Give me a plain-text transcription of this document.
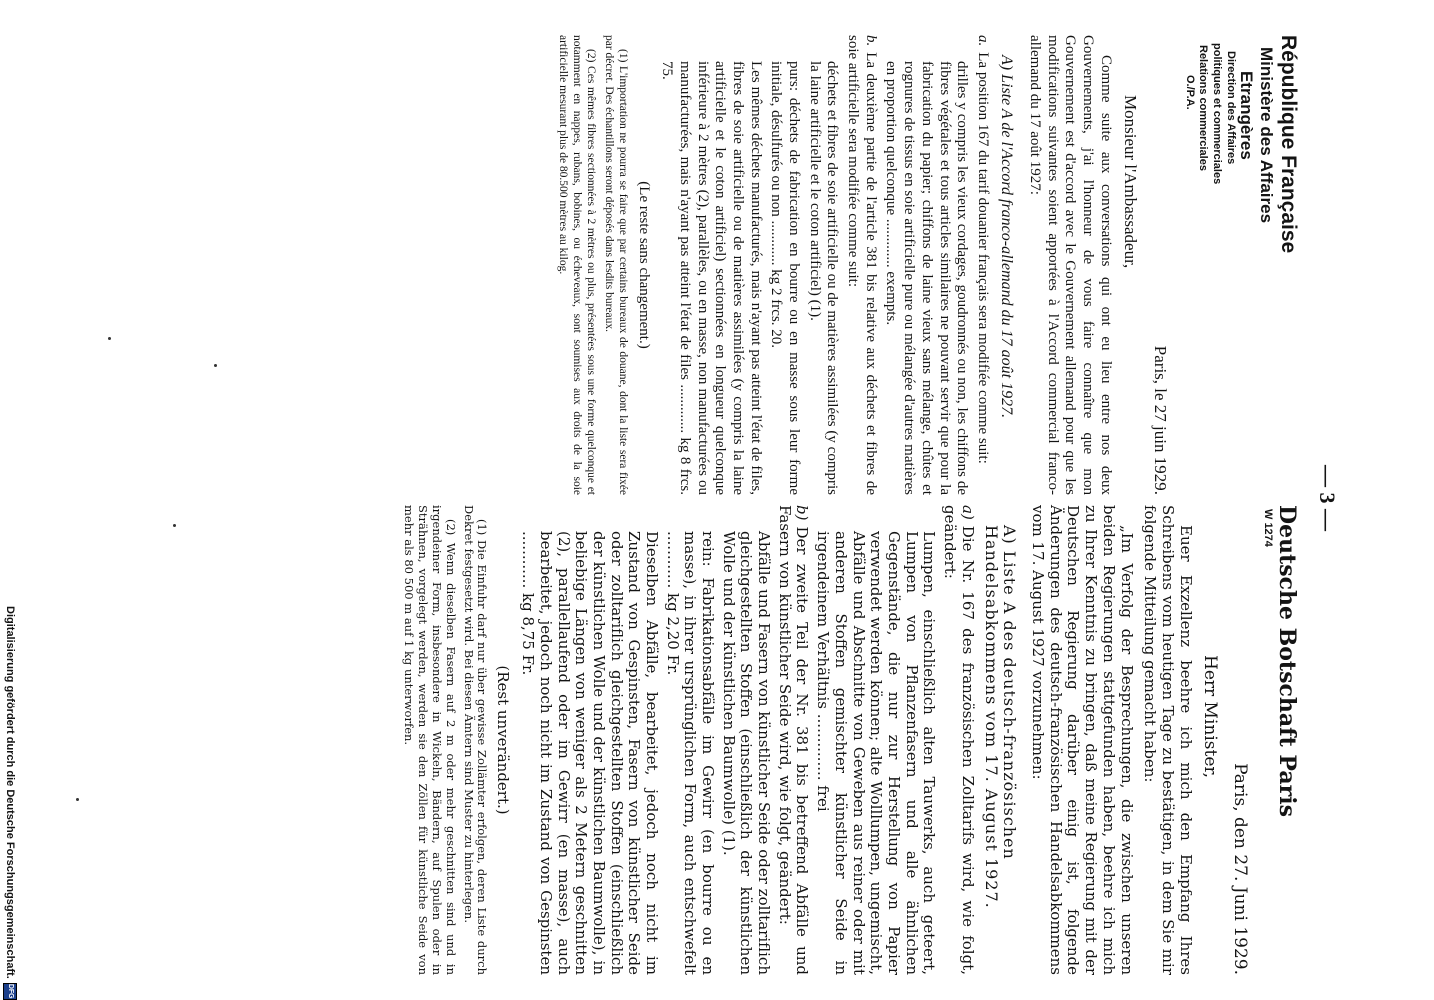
— 3 —
République Française
Ministère des Affaires
Etrangères
Direction des Affaires
politiques et commerciales
Relations commerciales
O./P.A.
Paris, le 27 juin 1929.
Monsieur l'Ambassadeur,

Comme suite aux conversations qui ont eu lieu entre nos deux Gouvernements, j'ai l'honneur de vous faire connaître que mon Gouvernement est d'accord avec le Gouvernement allemand pour que les modifications suivantes soient apportées à l'Accord commercial franco-allemand du 17 août 1927:

A) Liste A de l'Accord franco-allemand du 17 août 1927.
a.La position 167 du tarif douanier français sera modifiée comme suit:
drilles y compris les vieux cordages, goudronnés ou non, les chiffons de fibres végétales et tous articles similaires ne pouvant servir que pour la fabrication du papier; chiffons de laine vieux sans mélange, chûtes et rognures de tissus en soie artificielle pure ou mélangée d'autres matières en proportion quelconque ............. exempts.
b.La deuxième partie de l'article 381 bis relative aux déchets et fibres de soie artificielle sera modifiée comme suit:
déchets et fibres de soie artificielle ou de matières assimilées (y compris la laine artificielle et le coton artificiel) (1).
purs: déchets de fabrication en bourre ou en masse sous leur forme initiale, désulfurés ou non ............ kg 2 frcs. 20.
Les mêmes déchets manufacturés, mais n'ayant pas atteint l'état de files, fibres de soie artificielle ou de matières assimilées (y compris la laine artificielle et le coton artificiel) sectionnées en longueur quelconque inférieure à 2 mètres (2), parallèles, ou en masse, non manufacturées ou manufacturées, mais n'ayant pas atteint l'état de files ............. kg 8 frcs. 75.
(Le reste sans changement.)
(1) L'importation ne pourra se faire que par certains bureaux de douane, dont la liste sera fixée par décret. Des échantillons seront déposés dans lesdits bureaux.
(2) Ces mêmes fibres sectionnées à 2 mètres ou plus, présentées sous une forme quelconque et notamment en nappes, rubans, bobines, ou écheveaux, sont soumises aux droits de la soie artificielle mesurant plus de 80.500 mètres au kilog.
Deutsche Botschaft Paris
W 1274
Paris, den 27. Juni 1929.
Herr Minister,

Euer Exzellenz beehre ich mich den Empfang Ihres Schreibens vom heutigen Tage zu bestätigen, in dem Sie mir folgende Mitteilung gemacht haben:

„Im Verfolg der Besprechungen, die zwischen unseren beiden Regierungen stattgefunden haben, beehre ich mich zu Ihrer Kenntnis zu bringen, daß meine Regierung mit der Deutschen Regierung darüber einig ist, folgende Änderungen des deutsch-französischen Handelsabkommens vom 17. August 1927 vorzunehmen:

A) Liste A des deutsch-französischen Handelsabkommens vom 17. August 1927.
a)Die Nr. 167 des französischen Zolltarifs wird, wie folgt, geändert:
Lumpen, einschließlich alten Tauwerks, auch geteert, Lumpen von Pflanzenfasern und alle ähnlichen Gegenstände, die nur zur Herstellung von Papier verwendet werden können; alte Wolllumpen, ungemischt, Abfälle und Abschnitte von Geweben aus reiner oder mit anderen Stoffen gemischter künstlicher Seide in irgendeinem Verhältnis .............. frei
b)Der zweite Teil der Nr. 381 bis betreffend Abfälle und Fasern von künstlicher Seide wird, wie folgt, geändert:
Abfälle und Fasern von künstlicher Seide oder zolltariflich gleichgestellten Stoffen (einschließlich der künstlichen Wolle und der künstlichen Baumwolle) (1).
rein: Fabrikationsabfälle im Gewirr (en bourre ou en masse), in ihrer ursprünglichen Form, auch entschwefelt ............ kg 2,20 Fr.
Dieselben Abfälle, bearbeitet, jedoch noch nicht im Zustand von Gespinsten, Fasern von künstlicher Seide oder zolltariflich gleichgestellten Stoffen (einschließlich der künstlichen Wolle und der künstlichen Baumwolle), in beliebige Längen von weniger als 2 Metern geschnitten (2), parallellaufend oder im Gewirr (en masse), auch bearbeitet, jedoch noch nicht im Zustand von Gespinsten ............ kg 8,75 Fr.
(Rest unverändert.)
(1) Die Einfuhr darf nur über gewisse Zollämter erfolgen, deren Liste durch Dekret festgesetzt wird. Bei diesen Ämtern sind Muster zu hinterlegen.
(2) Wenn dieselben Fasern auf 2 m oder mehr geschnitten sind und in irgendeiner Form, insbesondere in Wickeln, Bändern, auf Spulen oder in Strähnen, vorgelegt werden, werden sie den Zöllen für künstliche Seide von mehr als 80 500 m auf 1 kg unterworfen.
Digitalisierung gefördert durch die Deutsche Forschungsgemeinschaft.
DFG
